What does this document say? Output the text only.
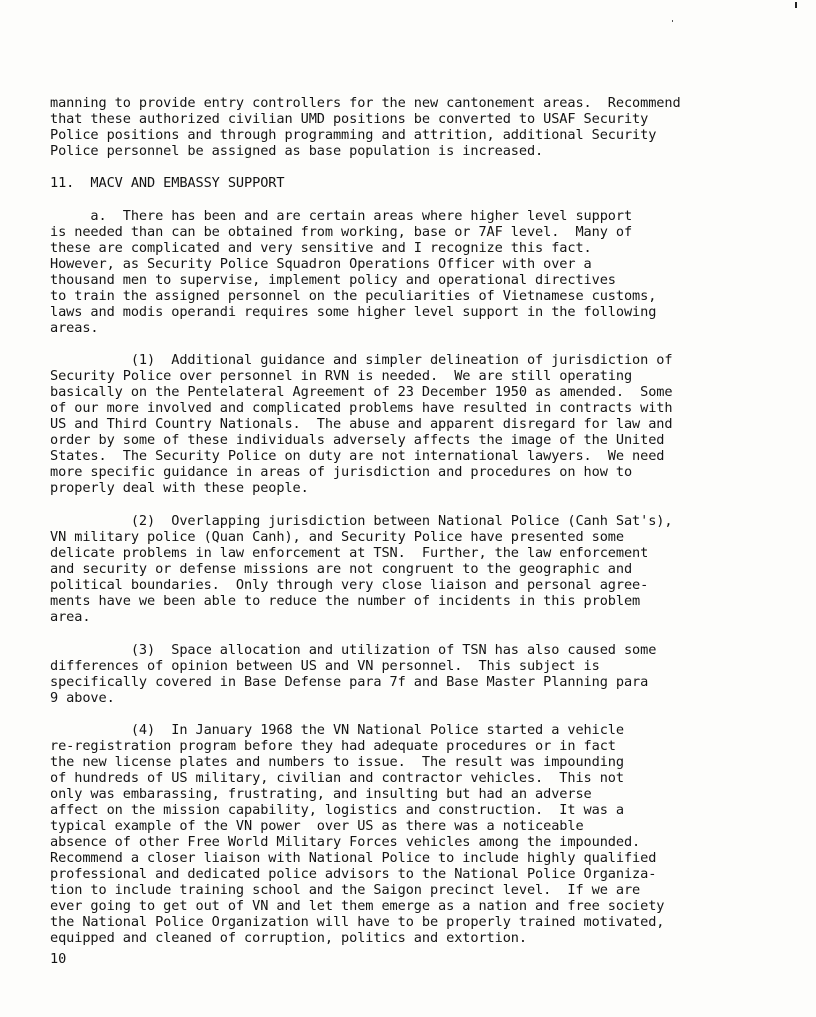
manning to provide entry controllers for the new cantonement areas.  Recommend
that these authorized civilian UMD positions be converted to USAF Security
Police positions and through programming and attrition, additional Security
Police personnel be assigned as base population is increased.
11.  MACV AND EMBASSY SUPPORT
a.  There has been and are certain areas where higher level support
is needed than can be obtained from working, base or 7AF level.  Many of
these are complicated and very sensitive and I recognize this fact.
However, as Security Police Squadron Operations Officer with over a
thousand men to supervise, implement policy and operational directives
to train the assigned personnel on the peculiarities of Vietnamese customs,
laws and modis operandi requires some higher level support in the following
areas.
(1)  Additional guidance and simpler delineation of jurisdiction of
Security Police over personnel in RVN is needed.  We are still operating
basically on the Pentelateral Agreement of 23 December 1950 as amended.  Some
of our more involved and complicated problems have resulted in contracts with
US and Third Country Nationals.  The abuse and apparent disregard for law and
order by some of these individuals adversely affects the image of the United
States.  The Security Police on duty are not international lawyers.  We need
more specific guidance in areas of jurisdiction and procedures on how to
properly deal with these people.
(2)  Overlapping jurisdiction between National Police (Canh Sat's),
VN military police (Quan Canh), and Security Police have presented some
delicate problems in law enforcement at TSN.  Further, the law enforcement
and security or defense missions are not congruent to the geographic and
political boundaries.  Only through very close liaison and personal agree-
ments have we been able to reduce the number of incidents in this problem
area.
(3)  Space allocation and utilization of TSN has also caused some
differences of opinion between US and VN personnel.  This subject is
specifically covered in Base Defense para 7f and Base Master Planning para
9 above.
(4)  In January 1968 the VN National Police started a vehicle
re-registration program before they had adequate procedures or in fact
the new license plates and numbers to issue.  The result was impounding
of hundreds of US military, civilian and contractor vehicles.  This not
only was embarassing, frustrating, and insulting but had an adverse
affect on the mission capability, logistics and construction.  It was a
typical example of the VN power  over US as there was a noticeable
absence of other Free World Military Forces vehicles among the impounded.
Recommend a closer liaison with National Police to include highly qualified
professional and dedicated police advisors to the National Police Organiza-
tion to include training school and the Saigon precinct level.  If we are
ever going to get out of VN and let them emerge as a nation and free society
the National Police Organization will have to be properly trained motivated,
equipped and cleaned of corruption, politics and extortion.
10
